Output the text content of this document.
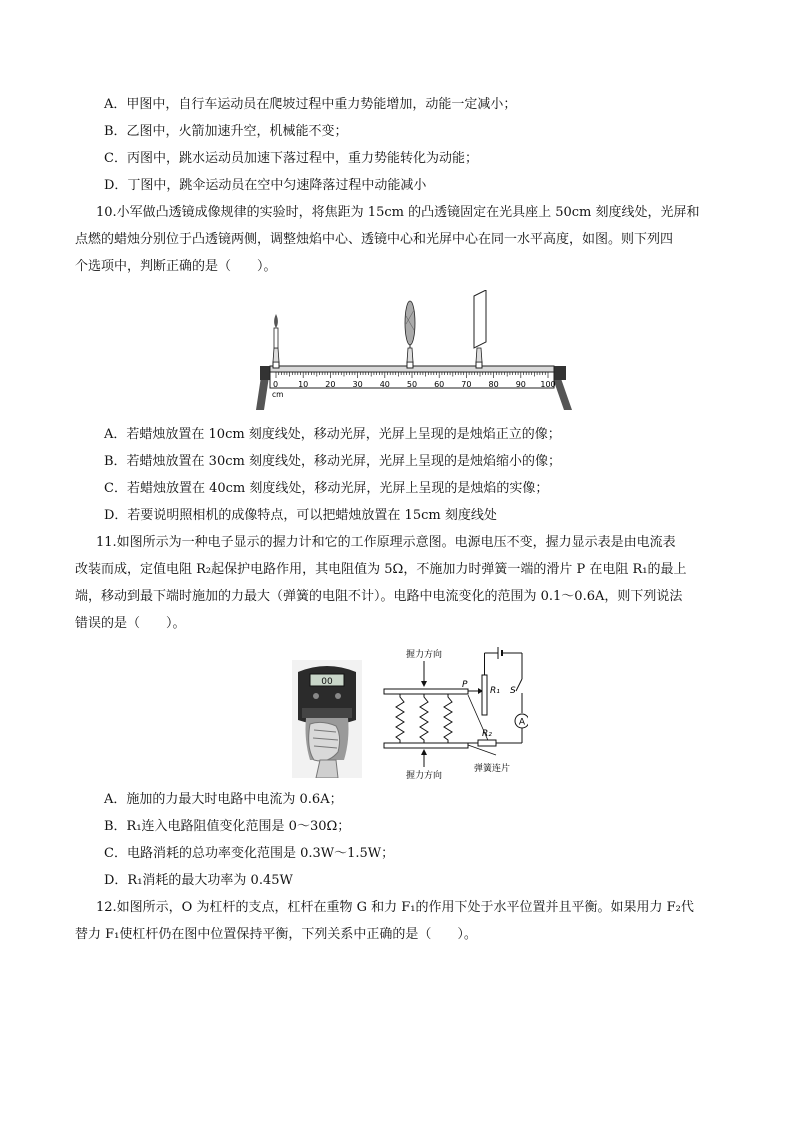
A．甲图中，自行车运动员在爬坡过程中重力势能增加，动能一定减小；
B．乙图中，火箭加速升空，机械能不变；
C．丙图中，跳水运动员加速下落过程中，重力势能转化为动能；
D．丁图中，跳伞运动员在空中匀速降落过程中动能减小
10.小军做凸透镜成像规律的实验时，将焦距为 15cm 的凸透镜固定在光具座上 50cm 刻度线处，光屏和
点燃的蜡烛分别位于凸透镜两侧，调整烛焰中心、透镜中心和光屏中心在同一水平高度，如图。则下列四
个选项中，判断正确的是（　　）。
cm
10 20 30 40 50 60 70 80 90 100
0
A．若蜡烛放置在 10cm 刻度线处，移动光屏，光屏上呈现的是烛焰正立的像；
B．若蜡烛放置在 30cm 刻度线处，移动光屏，光屏上呈现的是烛焰缩小的像；
C．若蜡烛放置在 40cm 刻度线处，移动光屏，光屏上呈现的是烛焰的实像；
D．若要说明照相机的成像特点，可以把蜡烛放置在 15cm 刻度线处
11.如图所示为一种电子显示的握力计和它的工作原理示意图。电源电压不变，握力显示表是由电流表
改装而成，定值电阻 R₂起保护电路作用，其电阻值为 5Ω，不施加力时弹簧一端的滑片 P 在电阻 R₁的最上
端，移动到最下端时施加的力最大（弹簧的电阻不计）。电路中电流变化的范围为 0.1～0.6A，则下列说法
错误的是（　　）。
00
握力方向
握力方向
P
R₁ S
A
R₂
弹簧连片
A．施加的力最大时电路中电流为 0.6A；
B．R₁连入电路阻值变化范围是 0～30Ω；
C．电路消耗的总功率变化范围是 0.3W～1.5W；
D．R₁消耗的最大功率为 0.45W
12.如图所示，O 为杠杆的支点，杠杆在重物 G 和力 F₁的作用下处于水平位置并且平衡。如果用力 F₂代
替力 F₁使杠杆仍在图中位置保持平衡，下列关系中正确的是（　　）。
